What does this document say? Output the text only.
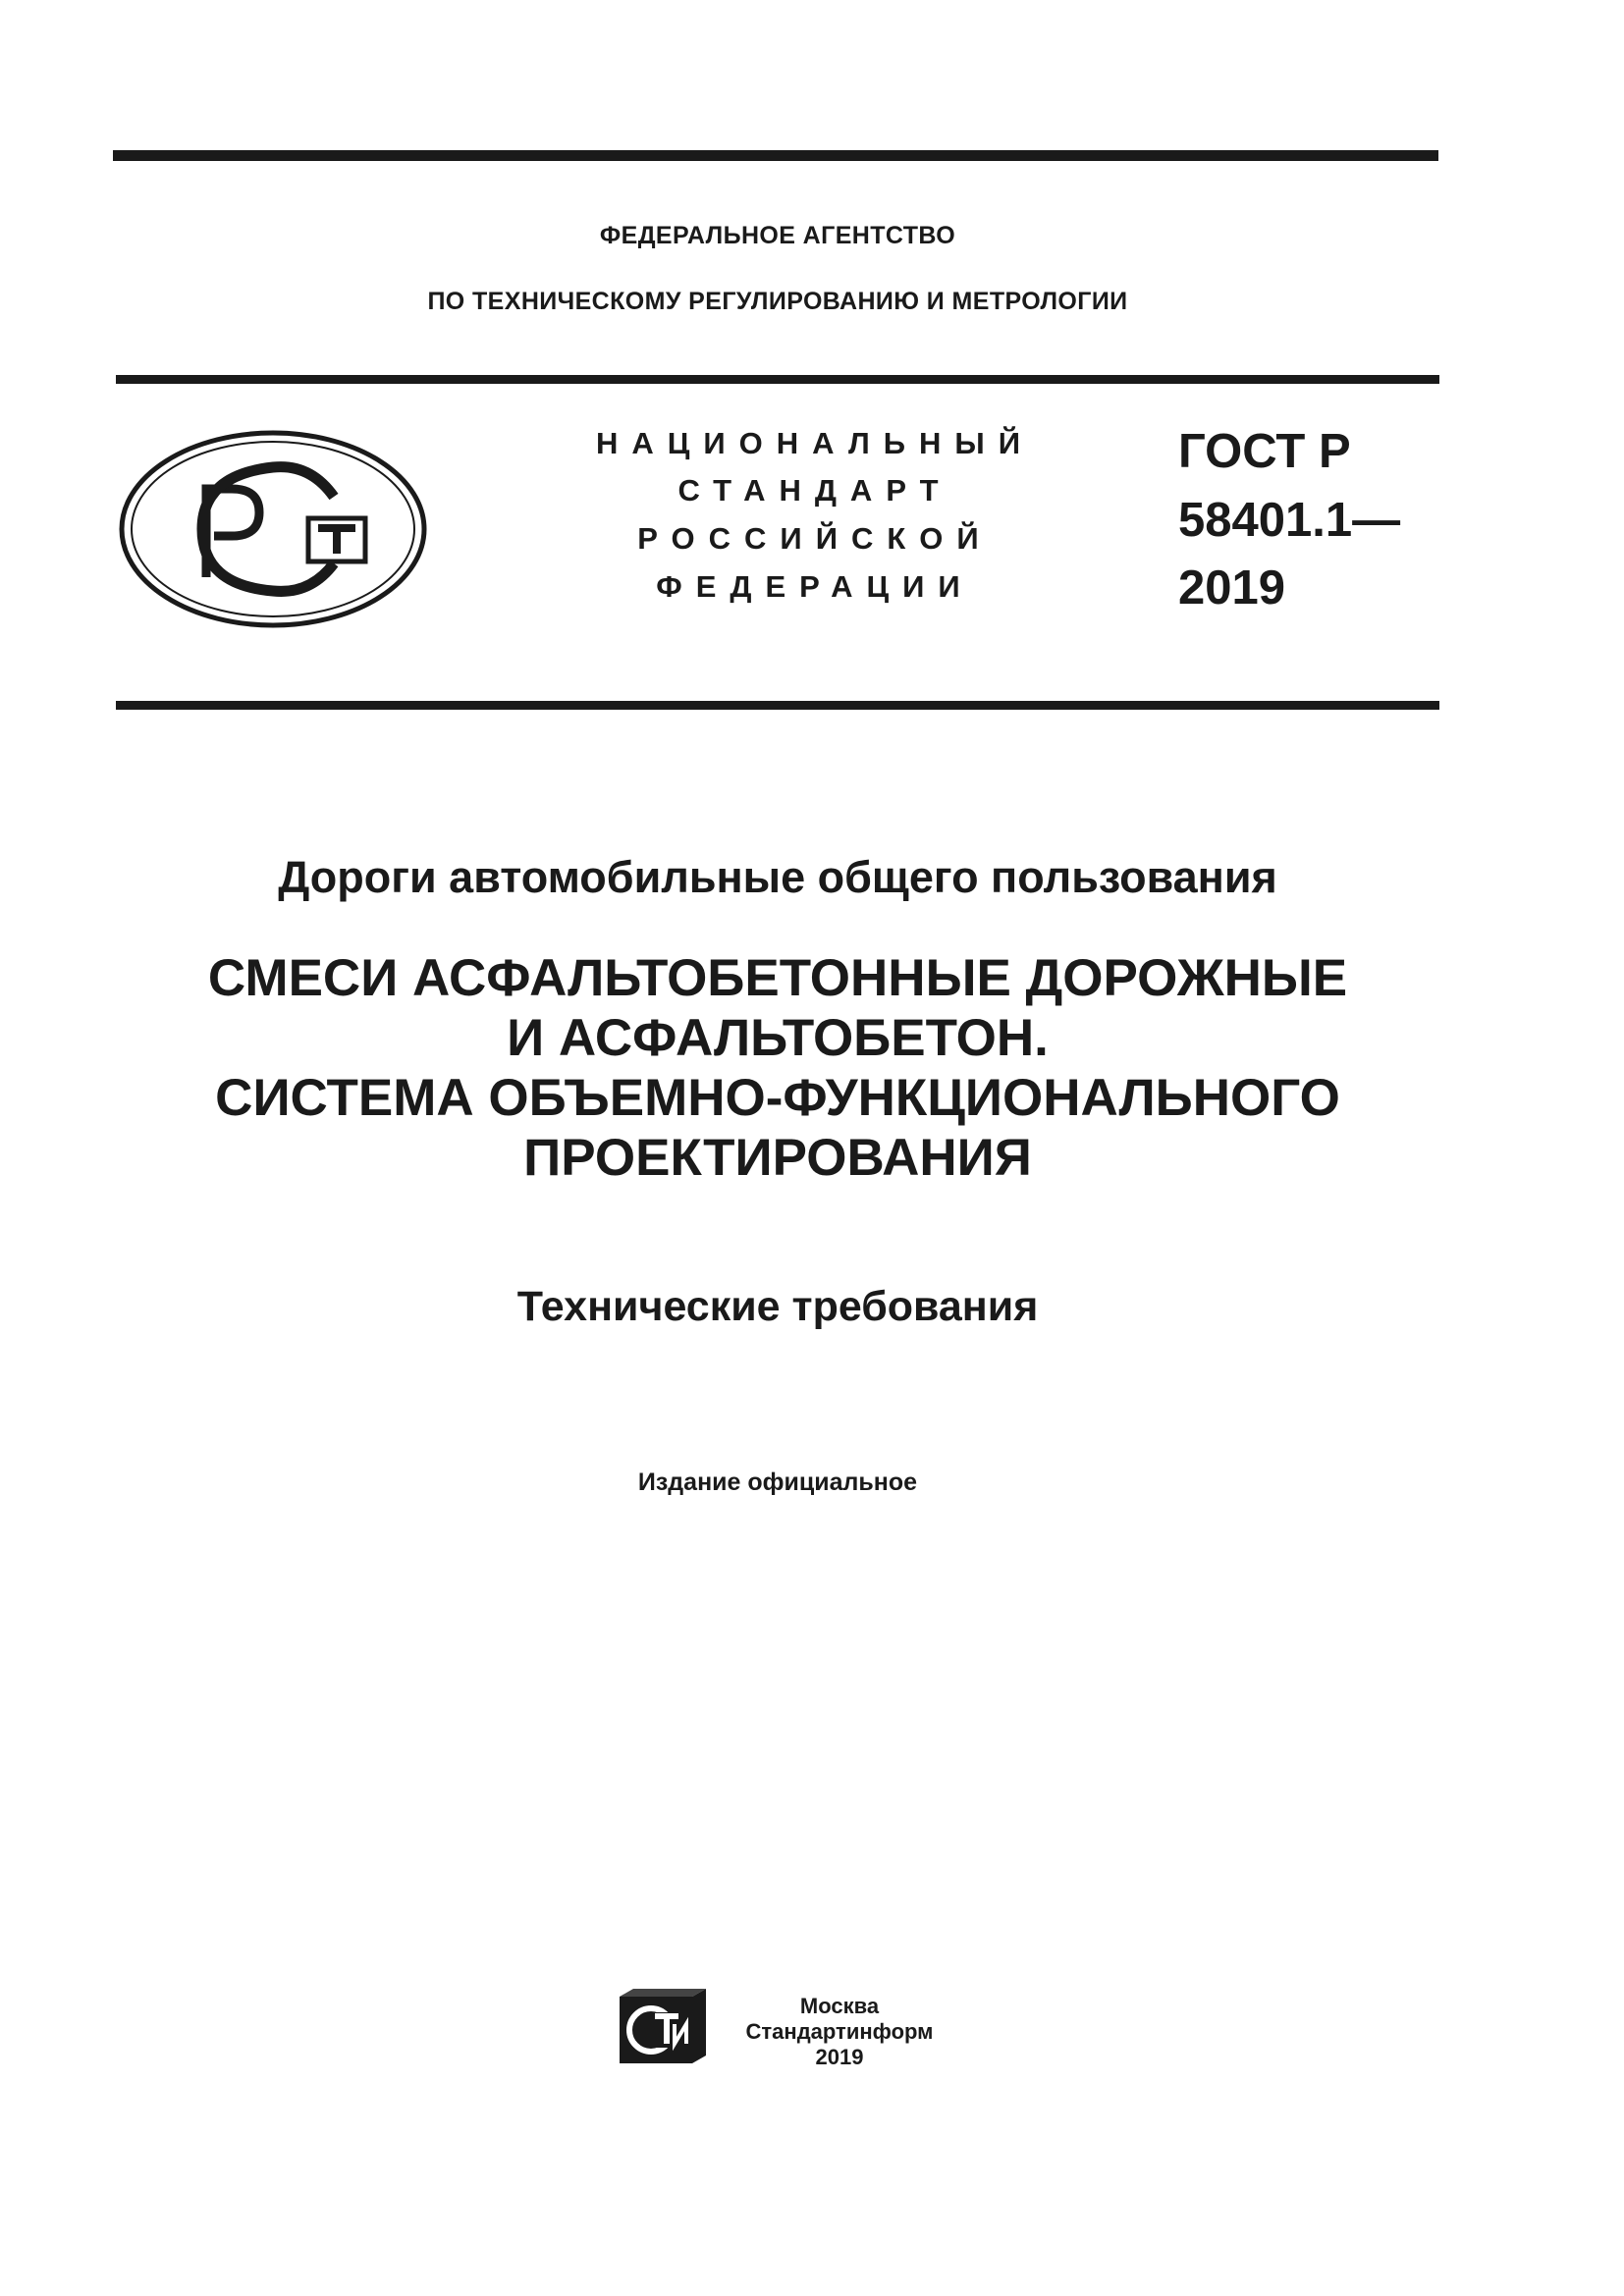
ФЕДЕРАЛЬНОЕ АГЕНТСТВО
ПО ТЕХНИЧЕСКОМУ РЕГУЛИРОВАНИЮ И МЕТРОЛОГИИ
НАЦИОНАЛЬНЫЙ
СТАНДАРТ
РОССИЙСКОЙ
ФЕДЕРАЦИИ
ГОСТ Р
58401.1—
2019
Дороги автомобильные общего пользования
СМЕСИ АСФАЛЬТОБЕТОННЫЕ ДОРОЖНЫЕ
И АСФАЛЬТОБЕТОН.
СИСТЕМА ОБЪЕМНО-ФУНКЦИОНАЛЬНОГО
ПРОЕКТИРОВАНИЯ
Технические требования
Издание официальное
Москва
Стандартинформ
2019
